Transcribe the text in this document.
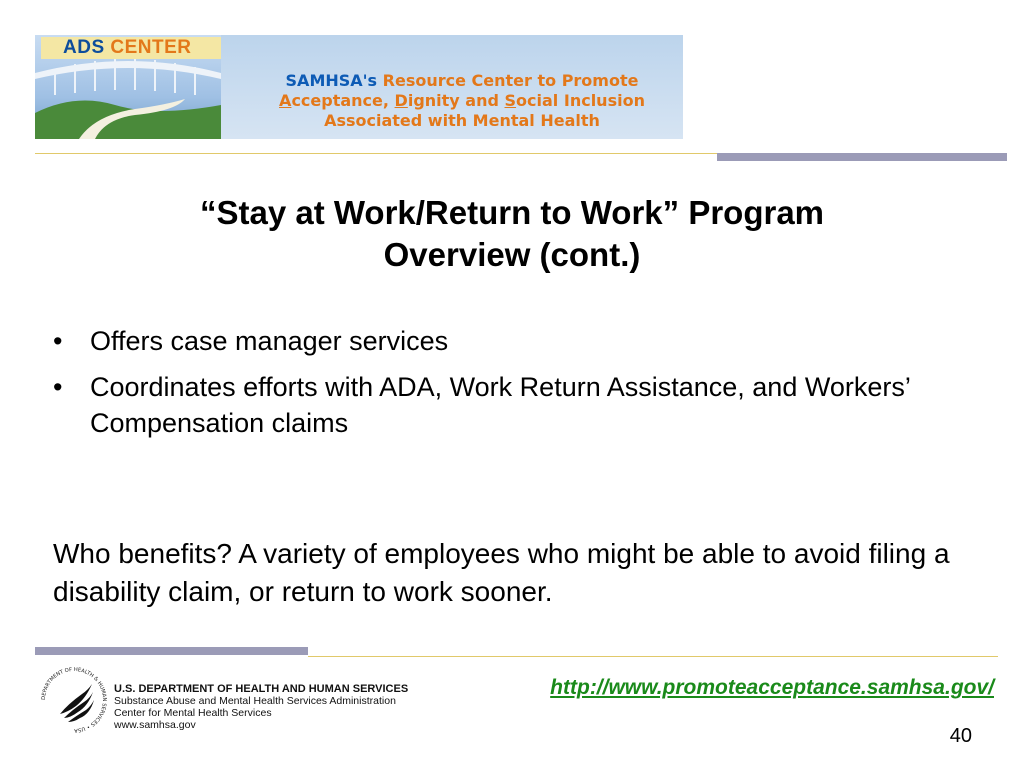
ADS CENTER
SAMHSA's Resource Center to Promote
Acceptance, Dignity and Social Inclusion
Associated with Mental Health
“Stay at Work/Return to Work” Program
Overview (cont.)
• Offers case manager services
• Coordinates efforts with ADA, Work Return Assistance, and Workers’ Compensation claims
Who benefits? A variety of employees who might be able to avoid filing a disability claim, or return to work sooner.
DEPARTMENT OF HEALTH & HUMAN SERVICES • USA
U.S. DEPARTMENT OF HEALTH AND HUMAN SERVICES
Substance Abuse and Mental Health Services Administration
Center for Mental Health Services
www.samhsa.gov
http://www.promoteacceptance.samhsa.gov/
40
